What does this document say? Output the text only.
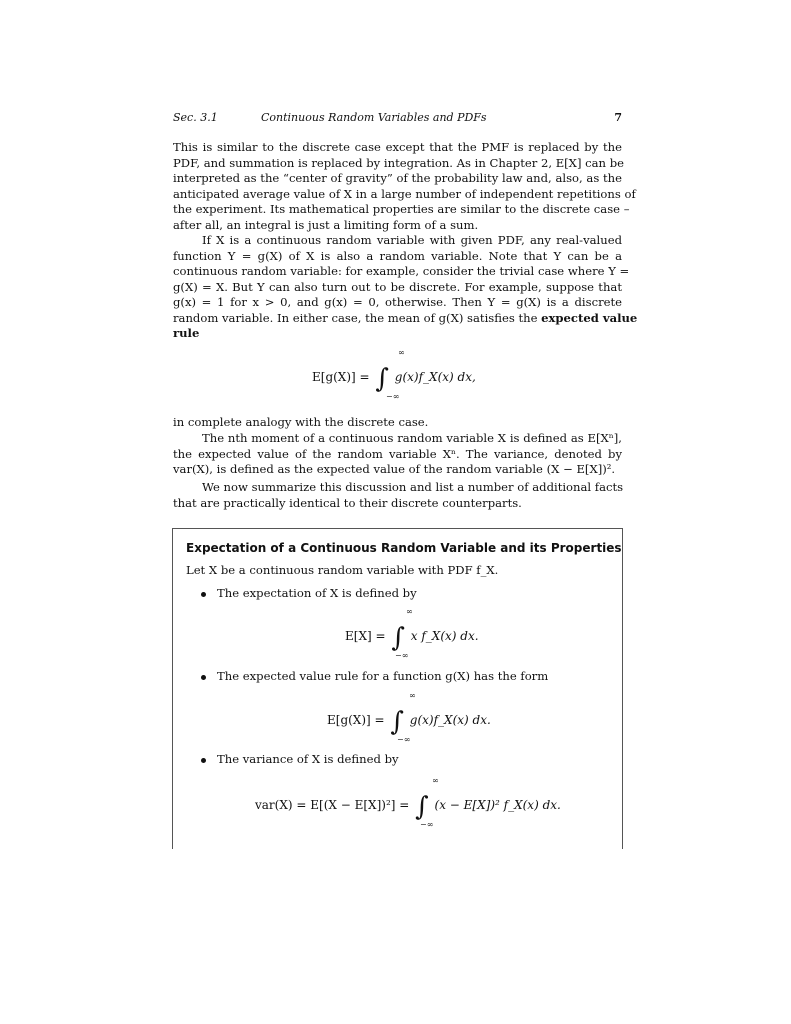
Sec. 3.1	Continuous Random Variables and PDFs	7
This is similar to the discrete case except that the PMF is replaced by the
PDF, and summation is replaced by integration. As in Chapter 2, E[X] can be
interpreted as the “center of gravity” of the probability law and, also, as the
anticipated average value of X in a large number of independent repetitions of
the experiment. Its mathematical properties are similar to the discrete case –
after all, an integral is just a limiting form of a sum.
If X is a continuous random variable with given PDF, any real-valued
function Y = g(X) of X is also a random variable. Note that Y can be a
continuous random variable: for example, consider the trivial case where Y =
g(X) = X. But Y can also turn out to be discrete. For example, suppose that
g(x) = 1 for x > 0, and g(x) = 0, otherwise. Then Y = g(X) is a discrete
random variable. In either case, the mean of g(X) satisfies the expected value
rule
E[g(X)] = ∫
∞
−∞
g(x)f_X(x) dx,
in complete analogy with the discrete case.
The nth moment of a continuous random variable X is defined as E[Xⁿ],
the expected value of the random variable Xⁿ. The variance, denoted by
var(X), is defined as the expected value of the random variable (X − E[X])².
We now summarize this discussion and list a number of additional facts
that are practically identical to their discrete counterparts.
Expectation of a Continuous Random Variable and its Properties
Let X be a continuous random variable with PDF f_X.
The expectation of X is defined by
E[X] = ∫
∞
−∞
x f_X(x) dx.
The expected value rule for a function g(X) has the form
E[g(X)] = ∫
∞
−∞
g(x)f_X(x) dx.
The variance of X is defined by
var(X) = E[(X − E[X])²] = ∫
∞
−∞
(x − E[X])² f_X(x) dx.
